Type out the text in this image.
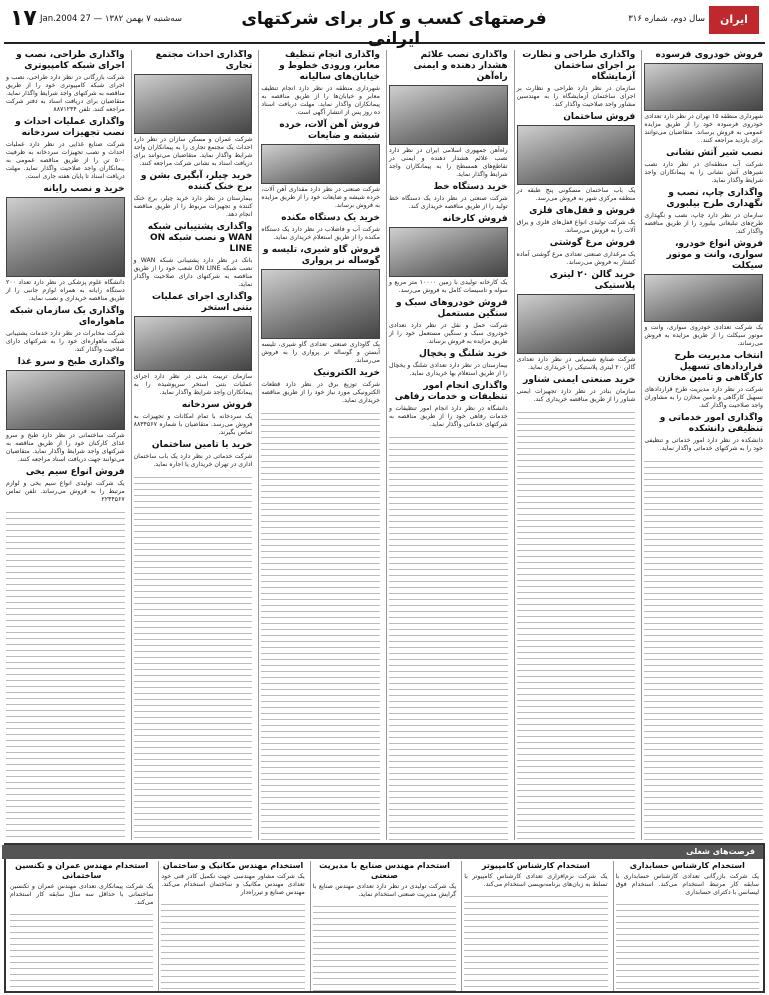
۱۷ سه‌شنبه ۷ بهمن ۱۳۸۲ — 27 Jan.2004	فرصتهای کسب و کار برای شرکتهای ایرانی
سال دوم، شماره ۳۱۶	ایران
فروش خودروی فرسوده
شهرداری منطقه ۱۵ تهران در نظر دارد تعدادی خودروی فرسوده خود را از طریق مزایده عمومی به فروش برساند. متقاضیان می‌توانند برای بازدید مراجعه کنند.
نصب شیر آتش نشانی
شرکت آب منطقه‌ای در نظر دارد نصب شیرهای آتش نشانی را به پیمانکاران واجد شرایط واگذار نماید.
واگذاری چاپ، نصب و نگهداری طرح بیلبوری
سازمان در نظر دارد چاپ، نصب و نگهداری طرح‌های تبلیغاتی بیلبورد را از طریق مناقصه واگذار کند.
فروش انواع خودرو، سواری، وانت و موتور سیکلت
یک شرکت تعدادی خودروی سواری، وانت و موتور سیکلت را از طریق مزایده به فروش می‌رساند.
انتخاب مدیریت طرح قراردادهای تسهیل کارگاهی و تامین مخازن
شرکت در نظر دارد مدیریت طرح قراردادهای تسهیل کارگاهی و تامین مخازن را به مشاوران واجد صلاحیت واگذار کند.
واگذاری امور خدماتی و تنظیفی دانشکده
دانشکده در نظر دارد امور خدماتی و تنظیفی خود را به شرکتهای خدماتی واگذار نماید.
واگذاری طراحی و نظارت بر اجرای ساختمان آزمایشگاه
سازمان در نظر دارد طراحی و نظارت بر اجرای ساختمان آزمایشگاه را به مهندسین مشاور واجد صلاحیت واگذار کند.
فروش ساختمان
یک باب ساختمان مسکونی پنج طبقه در منطقه مرکزی شهر به فروش می‌رسد.
فروش و قفل‌های فلزی
یک شرکت تولیدی انواع قفل‌های فلزی و یراق آلات را به فروش می‌رساند.
فروش مرغ گوشتی
یک مرغداری صنعتی تعدادی مرغ گوشتی آماده کشتار به فروش می‌رساند.
خرید گالن ۲۰ لیتری پلاستیکی
شرکت صنایع شیمیایی در نظر دارد تعدادی گالن ۲۰ لیتری پلاستیکی را خریداری نماید.
خرید صنعتی ایمنی شناور
سازمان بنادر در نظر دارد تجهیزات ایمنی شناور را از طریق مناقصه خریداری کند.
واگذاری نصب علائم هشدار دهنده و ایمنی راه‌آهن
راه‌آهن جمهوری اسلامی ایران در نظر دارد نصب علائم هشدار دهنده و ایمنی در تقاطع‌های همسطح را به پیمانکاران واجد شرایط واگذار نماید.
خرید دستگاه خط
شرکت صنعتی در نظر دارد یک دستگاه خط تولید را از طریق مناقصه خریداری کند.
فروش کارخانه
یک کارخانه تولیدی با زمین ۱۰۰۰۰ متر مربع و سوله و تاسیسات کامل به فروش می‌رسد.
فروش خودروهای سبک و سنگین مستعمل
شرکت حمل و نقل در نظر دارد تعدادی خودروی سبک و سنگین مستعمل خود را از طریق مزایده به فروش برساند.
خرید شلنگ و یخچال
بیمارستان در نظر دارد تعدادی شلنگ و یخچال را از طریق استعلام بها خریداری نماید.
واگذاری انجام امور تنظیفات و خدمات رفاهی
دانشگاه در نظر دارد انجام امور تنظیفات و خدمات رفاهی خود را از طریق مناقصه به شرکتهای خدماتی واگذار نماید.
واگذاری انجام تنظیف معابر، ورودی خطوط و خیابان‌های سالیانه
شهرداری منطقه در نظر دارد انجام تنظیف معابر و خیابان‌ها را از طریق مناقصه به پیمانکاران واگذار نماید. مهلت دریافت اسناد ده روز پس از انتشار آگهی است.
فروش آهن آلات، خرده شیشه و ضایعات
شرکت صنعتی در نظر دارد مقداری آهن آلات، خرده شیشه و ضایعات خود را از طریق مزایده به فروش برساند.
خرید یک دستگاه مکنده
شرکت آب و فاضلاب در نظر دارد یک دستگاه مکنده را از طریق استعلام خریداری نماید.
فروش گاو شیری، تلیسه و گوساله نر پرواری
یک گاوداری صنعتی تعدادی گاو شیری، تلیسه آبستن و گوساله نر پرواری را به فروش می‌رساند.
خرید الکترونیک
شرکت توزیع برق در نظر دارد قطعات الکترونیکی مورد نیاز خود را از طریق مناقصه خریداری نماید.
واگذاری احداث مجتمع تجاری
شرکت عمران و مسکن سازان در نظر دارد احداث یک مجتمع تجاری را به پیمانکاران واجد شرایط واگذار نماید. متقاضیان می‌توانند برای دریافت اسناد به نشانی شرکت مراجعه کنند.
خرید چیلر، آبگیری بشن و برج خنک کننده
بیمارستان در نظر دارد خرید چیلر، برج خنک کننده و تجهیزات مربوط را از طریق مناقصه انجام دهد.
واگذاری پشتیبانی شبکه WAN و نصب شبکه ON LINE
بانک در نظر دارد پشتیبانی شبکه WAN و نصب شبکه ON LINE شعب خود را از طریق مناقصه به شرکتهای دارای صلاحیت واگذار نماید.
واگذاری اجرای عملیات بتنی استخر
سازمان تربیت بدنی در نظر دارد اجرای عملیات بتنی استخر سرپوشیده را به پیمانکاران واجد شرایط واگذار نماید.
فروش سردخانه
یک سردخانه با تمام امکانات و تجهیزات به فروش می‌رسد. متقاضیان با شماره ۸۸۳۴۵۶۷ تماس بگیرند.
خرید یا تامین ساختمان
شرکت خدماتی در نظر دارد یک باب ساختمان اداری در تهران خریداری یا اجاره نماید.
واگذاری طراحی، نصب و اجرای شبکه کامپیوتری
شرکت بازرگانی در نظر دارد طراحی، نصب و اجرای شبکه کامپیوتری خود را از طریق مناقصه به شرکتهای واجد شرایط واگذار نماید. متقاضیان برای دریافت اسناد به دفتر شرکت مراجعه کنند. تلفن ۸۸۷۱۲۳۴
واگذاری عملیات احداث و نصب تجهیزات سردخانه
شرکت صنایع غذایی در نظر دارد عملیات احداث و نصب تجهیزات سردخانه به ظرفیت ۵۰۰ تن را از طریق مناقصه عمومی به پیمانکاران واجد صلاحیت واگذار نماید. مهلت دریافت اسناد تا پایان هفته جاری است.
خرید و نصب رایانه
دانشگاه علوم پزشکی در نظر دارد تعداد ۲۰۰ دستگاه رایانه به همراه لوازم جانبی را از طریق مناقصه خریداری و نصب نماید.
واگذاری یک سازمان شبکه ماهواره‌ای
شرکت مخابرات در نظر دارد خدمات پشتیبانی شبکه ماهواره‌ای خود را به شرکتهای دارای صلاحیت واگذار کند.
واگذاری طبخ و سرو غذا
شرکت ساختمانی در نظر دارد طبخ و سرو غذای کارکنان خود را از طریق مناقصه به شرکتهای واجد شرایط واگذار نماید. متقاضیان می‌توانند جهت دریافت اسناد مراجعه کنند.
فروش انواع سیم یخی
یک شرکت تولیدی انواع سیم یخی و لوازم مرتبط را به فروش می‌رساند. تلفن تماس ۲۲۳۴۵۶۷
فرصت‌های شغلی
استخدام کارشناس حسابداری
یک شرکت بازرگانی تعدادی کارشناس حسابداری با سابقه کار مرتبط استخدام می‌کند. استخدام فوق لیسانس با دکترای حسابداری
استخدام کارشناس کامپیوتر
یک شرکت نرم‌افزاری تعدادی کارشناس کامپیوتر با تسلط به زبان‌های برنامه‌نویسی استخدام می‌کند.
استخدام مهندس صنایع با مدیریت صنعتی
یک شرکت تولیدی در نظر دارد تعدادی مهندس صنایع با گرایش مدیریت صنعتی استخدام نماید.
استخدام مهندس مکانیک و ساختمان
یک شرکت مشاور مهندسی جهت تکمیل کادر فنی خود تعدادی مهندس مکانیک و ساختمان استخدام می‌کند. مهندس صنایع و تیرراه‌دار
استخدام مهندس عمران و تکنسین ساختمانی
یک شرکت پیمانکاری تعدادی مهندس عمران و تکنسین ساختمانی با حداقل سه سال سابقه کار استخدام می‌کند.
